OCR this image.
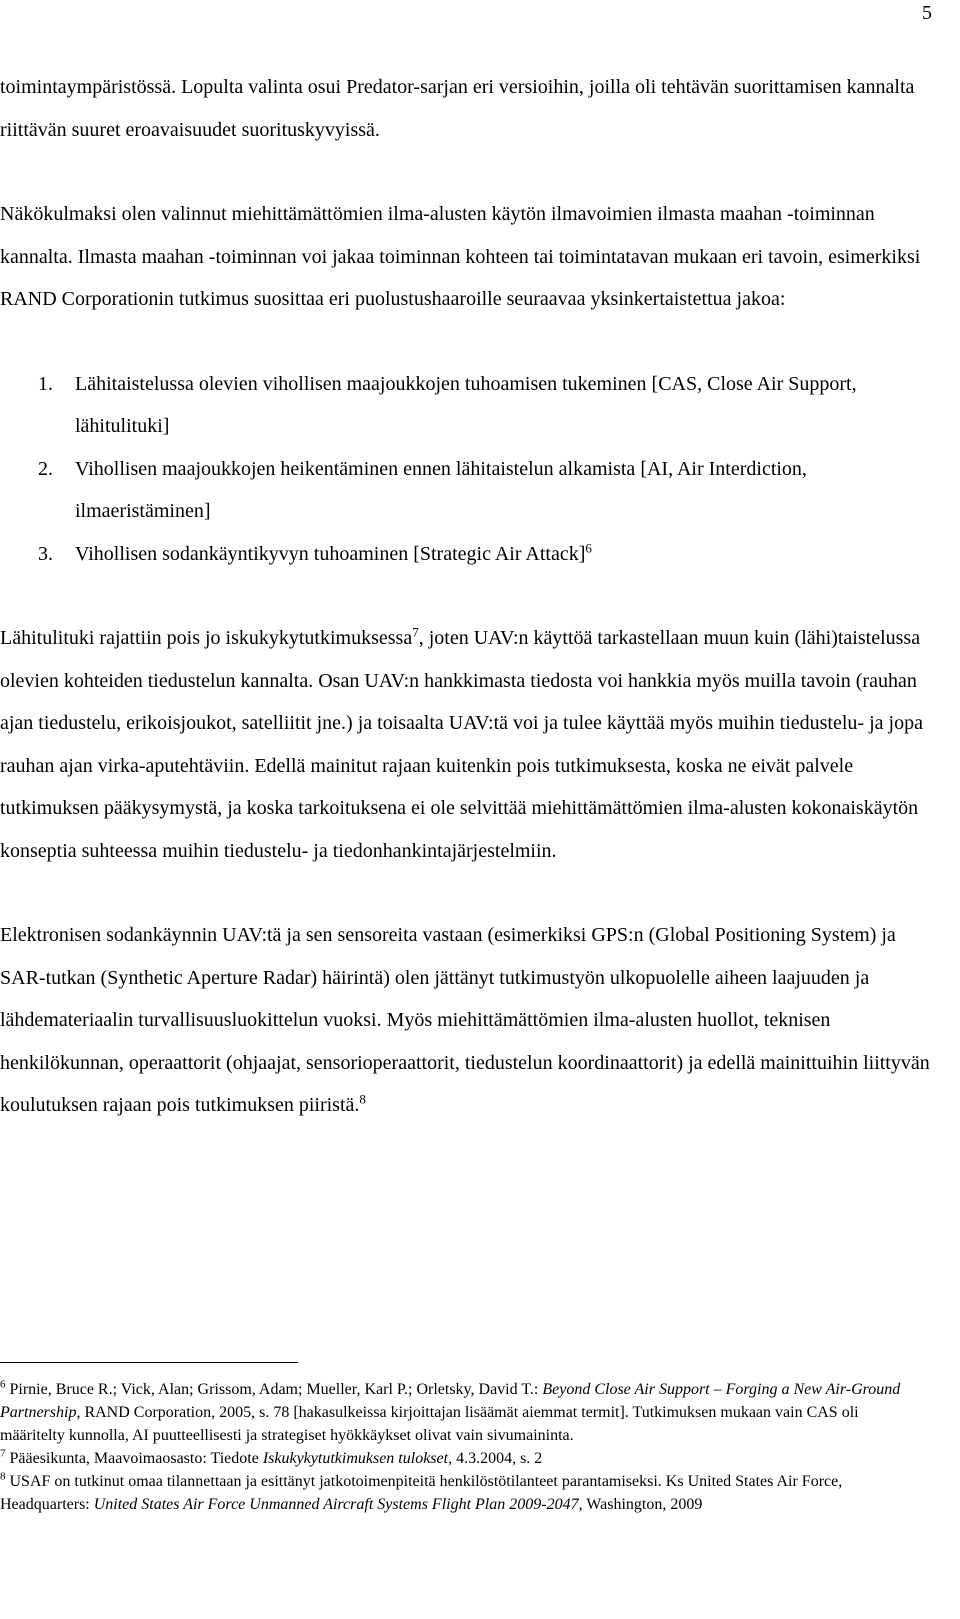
5

toimintaympäristössä. Lopulta valinta osui Predator-sarjan eri versioihin, joilla oli tehtävän suorittamisen kannalta riittävän suuret eroavaisuudet suorituskyvyissä.

Näkökulmaksi olen valinnut miehittämättömien ilma-alusten käytön ilmavoimien ilmasta maahan -toiminnan kannalta. Ilmasta maahan -toiminnan voi jakaa toiminnan kohteen tai toimintatavan mukaan eri tavoin, esimerkiksi RAND Corporationin tutkimus suosittaa eri puolustushaaroille seuraavaa yksinkertaistettua jakoa:

1. Lähitaistelussa olevien vihollisen maajoukkojen tuhoamisen tukeminen [CAS, Close Air Support, lähitulituki]
2. Vihollisen maajoukkojen heikentäminen ennen lähitaistelun alkamista [AI, Air Interdiction, ilmaeristäminen]
3. Vihollisen sodankäyntikyvyn tuhoaminen [Strategic Air Attack]$^6$

Lähitulituki rajattiin pois jo iskukykytutkimuksessa$^7$, joten UAV:n käyttöä tarkastellaan muun kuin (lähi)taistelussa olevien kohteiden tiedustelun kannalta. Osan UAV:n hankkimasta tiedosta voi hankkia myös muilla tavoin (rauhan ajan tiedustelu, erikoisjoukot, satelliitit jne.) ja toisaalta UAV:tä voi ja tulee käyttää myös muihin tiedustelu- ja jopa rauhan ajan virka-aputehtäviin. Edellä mainitut rajaan kuitenkin pois tutkimuksesta, koska ne eivät palvele tutkimuksen pääkysymystä, ja koska tarkoituksena ei ole selvittää miehittämättömien ilma-alusten kokonaiskäytön konseptia suhteessa muihin tiedustelu- ja tiedonhankintajärjestelmiin.

Elektronisen sodankäynnin UAV:tä ja sen sensoreita vastaan (esimerkiksi GPS:n (Global Positioning System) ja SAR-tutkan (Synthetic Aperture Radar) häirintä) olen jättänyt tutkimustyön ulkopuolelle aiheen laajuuden ja lähdemateriaalin turvallisuusluokittelun vuoksi. Myös miehittämättömien ilma-alusten huollot, teknisen henkilökunnan, operaattorit (ohjaajat, sensorioperaattorit, tiedustelun koordinaattorit) ja edellä mainittuihin liittyvän koulutuksen rajaan pois tutkimuksen piiristä.$^8$

$^6$ Pirnie, Bruce R.; Vick, Alan; Grissom, Adam; Mueller, Karl P.; Orletsky, David T.: Beyond Close Air Support – Forging a New Air-Ground Partnership, RAND Corporation, 2005, s. 78 [hakasulkeissa kirjoittajan lisäämät aiemmat termit]. Tutkimuksen mukaan vain CAS oli määritelty kunnolla, AI puutteellisesti ja strategiset hyökkäykset olivat vain sivumaininta.

$^7$ Pääesikunta, Maavoimaosasto: Tiedote Iskukykytutkimuksen tulokset, 4.3.2004, s. 2

$^8$ USAF on tutkinut omaa tilannettaan ja esittänyt jatkotoimenpiteitä henkilöstötilanteet parantamiseksi. Ks United States Air Force, Headquarters: United States Air Force Unmanned Aircraft Systems Flight Plan 2009-2047, Washington, 2009
